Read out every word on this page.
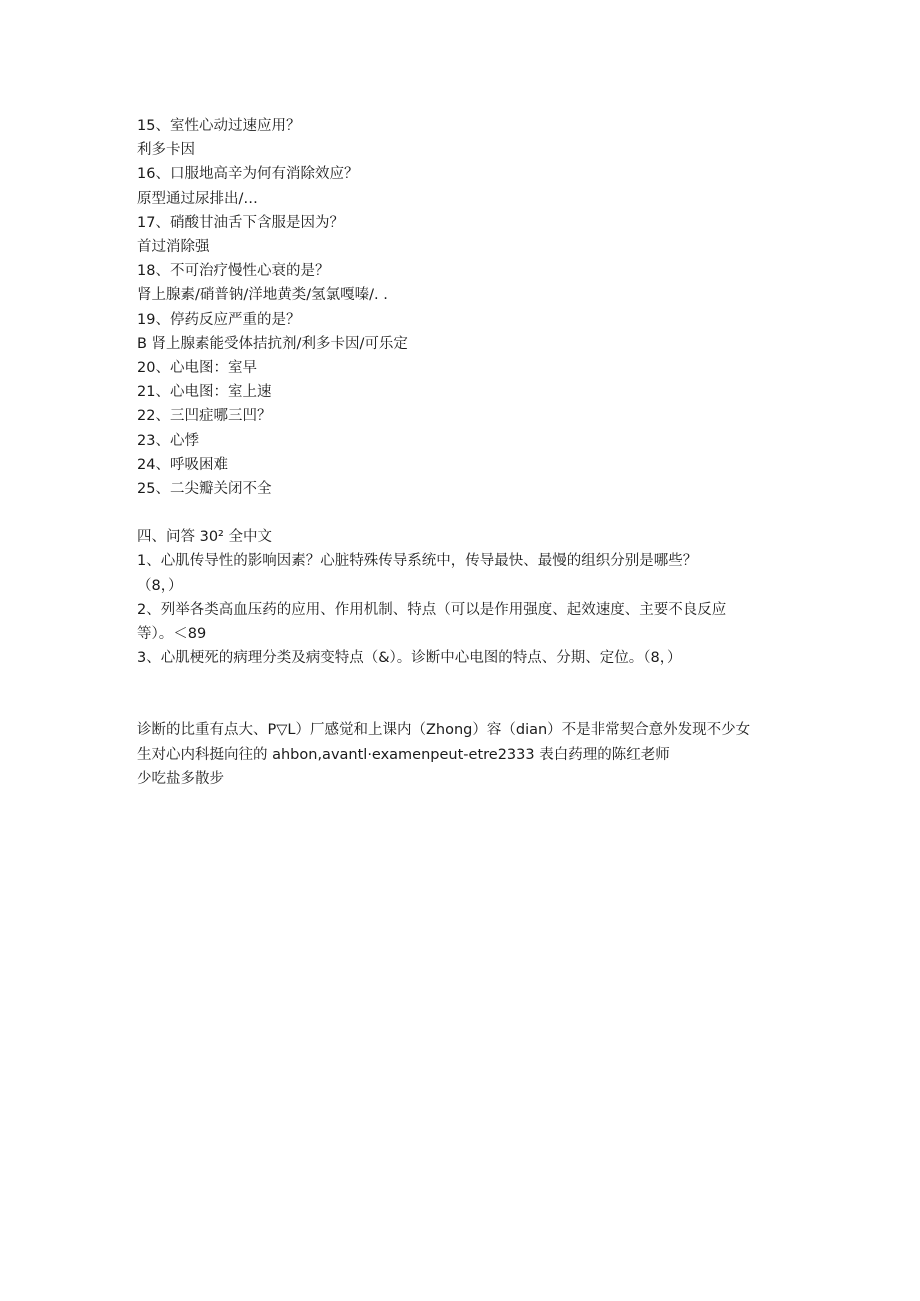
15、室性心动过速应用？
利多卡因
16、口服地高辛为何有消除效应？
原型通过尿排出/…
17、硝酸甘油舌下含服是因为？
首过消除强
18、不可治疗慢性心衰的是？
肾上腺素/硝普钠/洋地黄类/氢氯嘎嗪/. .
19、停药反应严重的是？
B 肾上腺素能受体拮抗剂/利多卡因/可乐定
20、心电图：室早
21、心电图：室上速
22、三凹症哪三凹？
23、心悸
24、呼吸困难
25、二尖瓣关闭不全
四、问答 30² 全中文
1、心肌传导性的影响因素？心脏特殊传导系统中，传导最快、最慢的组织分别是哪些？
（8，）
2、列举各类高血压药的应用、作用机制、特点（可以是作用强度、起效速度、主要不良反应
等）。＜89
3、心肌梗死的病理分类及病变特点（&）。诊断中心电图的特点、分期、定位。（8，）
诊断的比重有点大、P▽L）厂感觉和上课内（Zhong）容（dian）不是非常契合意外发现不少女
生对心内科挺向往的 ahbon,avantl·examenpeut-etre2333 表白药理的陈红老师
少吃盐多散步
